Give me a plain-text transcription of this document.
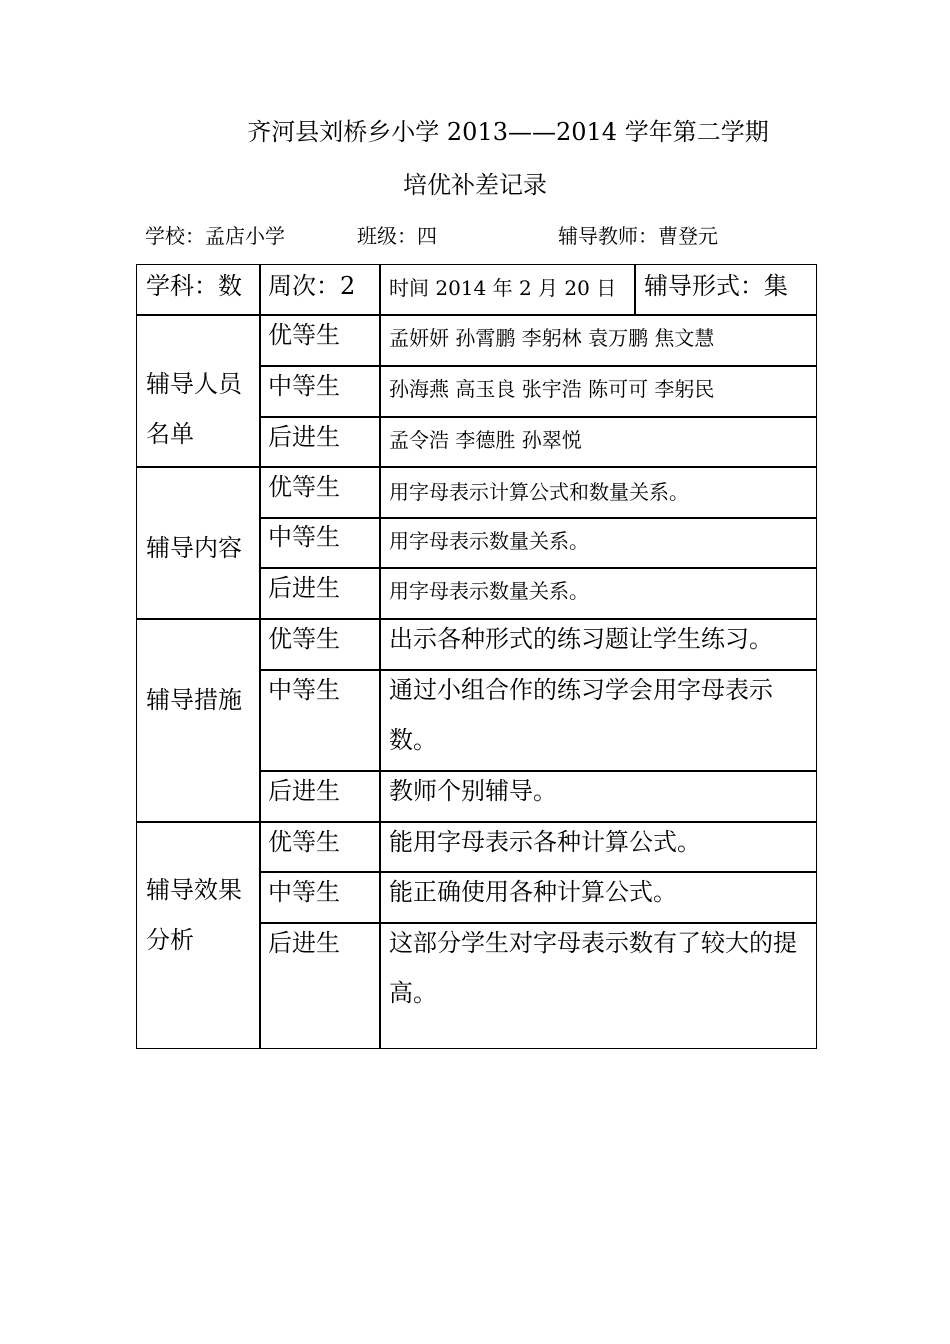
齐河县刘桥乡小学 2013——2014 学年第二学期
培优补差记录
学校：孟店小学	班级：四	辅导教师：曹登元
学科：数 周次：2 时间 2014 年 2 月 20 日 辅导形式：集
辅导人员名单
优等生
中等生
后进生
孟妍妍 孙霄鹏 李躬林 袁万鹏 焦文慧
孙海燕 高玉良 张宇浩 陈可可 李躬民
孟令浩 李德胜 孙翠悦
辅导内容
优等生
中等生
后进生
用字母表示计算公式和数量关系。
用字母表示数量关系。
用字母表示数量关系。
辅导措施
优等生
中等生
后进生
出示各种形式的练习题让学生练习。
通过小组合作的练习学会用字母表示数。
教师个别辅导。
辅导效果分析
优等生
中等生
后进生
能用字母表示各种计算公式。
能正确使用各种计算公式。
这部分学生对字母表示数有了较大的提高。
